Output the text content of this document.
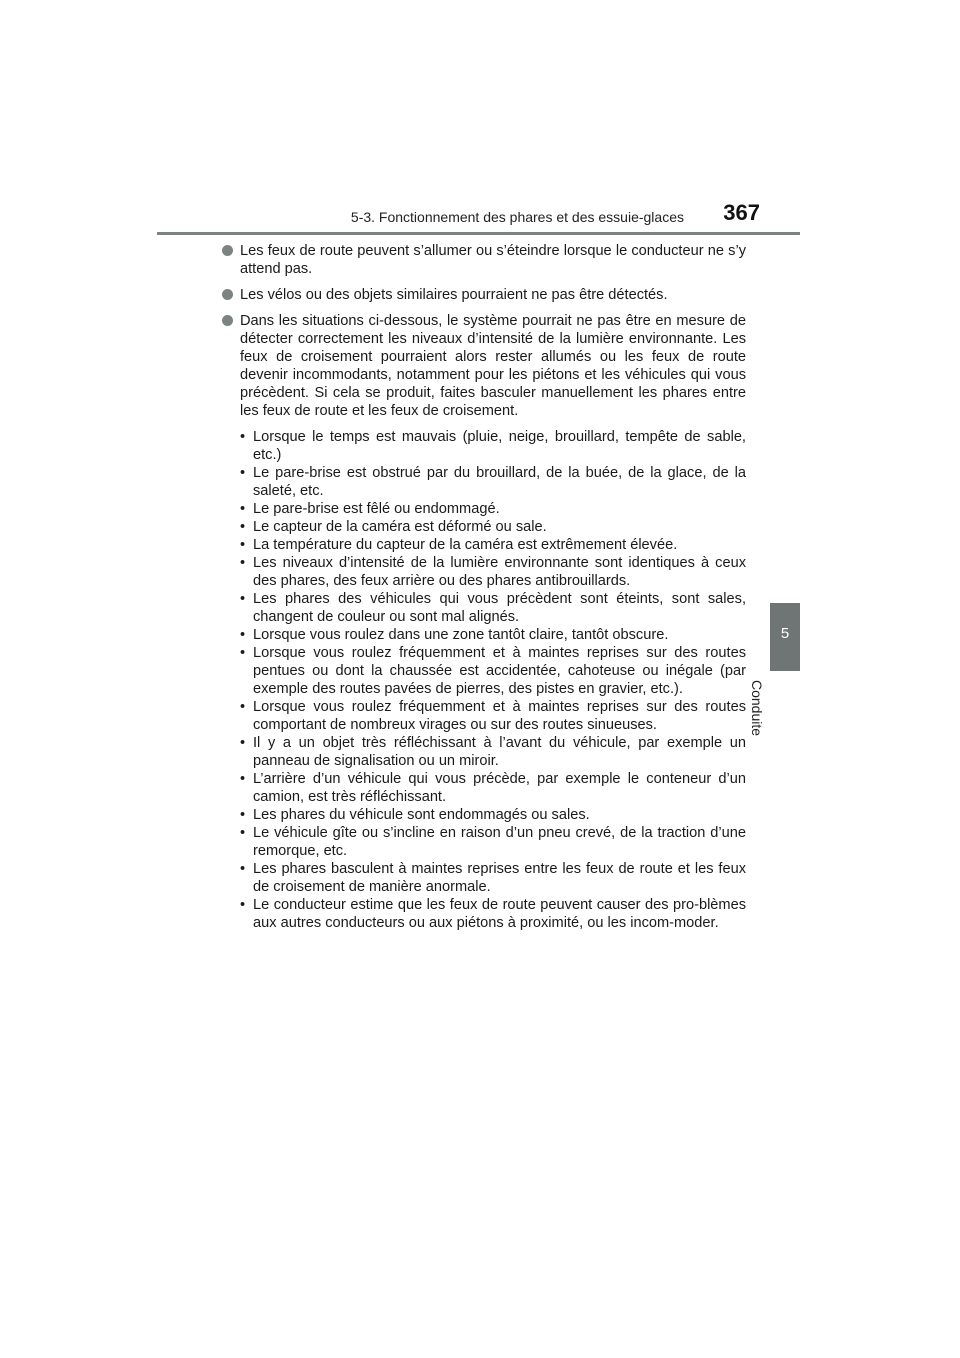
5-3. Fonctionnement des phares et des essuie-glaces	367
5
Conduite
Les feux de route peuvent s’allumer ou s’éteindre lorsque le conducteur ne s’y attend pas.
Les vélos ou des objets similaires pourraient ne pas être détectés.
Dans les situations ci-dessous, le système pourrait ne pas être en mesure de détecter correctement les niveaux d’intensité de la lumière environnante. Les feux de croisement pourraient alors rester allumés ou les feux de route devenir incommodants, notamment pour les piétons et les véhicules qui vous précèdent. Si cela se produit, faites basculer manuellement les phares entre les feux de route et les feux de croisement.
• Lorsque le temps est mauvais (pluie, neige, brouillard, tempête de sable, etc.)
• Le pare-brise est obstrué par du brouillard, de la buée, de la glace, de la saleté, etc.
• Le pare-brise est fêlé ou endommagé.
• Le capteur de la caméra est déformé ou sale.
• La température du capteur de la caméra est extrêmement élevée.
• Les niveaux d’intensité de la lumière environnante sont identiques à ceux des phares, des feux arrière ou des phares antibrouillards.
• Les phares des véhicules qui vous précèdent sont éteints, sont sales, changent de couleur ou sont mal alignés.
• Lorsque vous roulez dans une zone tantôt claire, tantôt obscure.
• Lorsque vous roulez fréquemment et à maintes reprises sur des routes pentues ou dont la chaussée est accidentée, cahoteuse ou inégale (par exemple des routes pavées de pierres, des pistes en gravier, etc.).
• Lorsque vous roulez fréquemment et à maintes reprises sur des routes comportant de nombreux virages ou sur des routes sinueuses.
• Il y a un objet très réfléchissant à l’avant du véhicule, par exemple un panneau de signalisation ou un miroir.
• L’arrière d’un véhicule qui vous précède, par exemple le conteneur d’un camion, est très réfléchissant.
• Les phares du véhicule sont endommagés ou sales.
• Le véhicule gîte ou s’incline en raison d’un pneu crevé, de la traction d’une remorque, etc.
• Les phares basculent à maintes reprises entre les feux de route et les feux de croisement de manière anormale.
• Le conducteur estime que les feux de route peuvent causer des pro-blèmes aux autres conducteurs ou aux piétons à proximité, ou les incom-moder.
